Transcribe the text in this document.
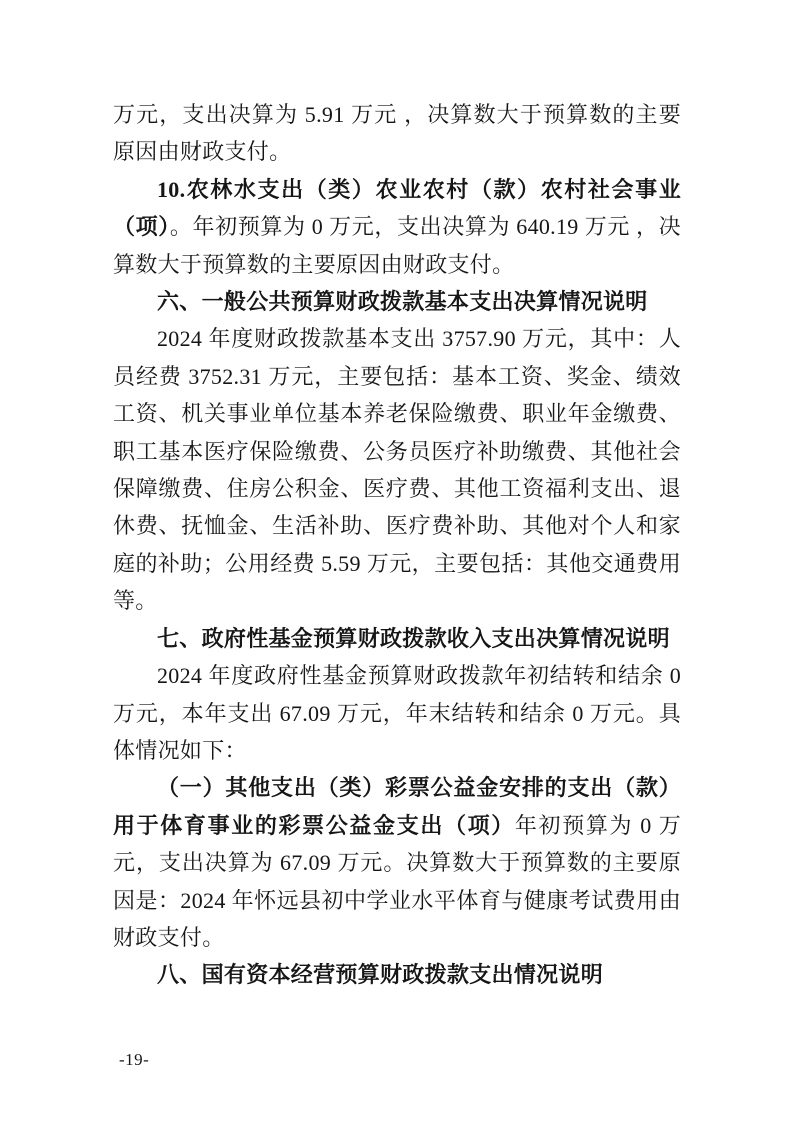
万元，支出决算为 5.91 万元 ，决算数大于预算数的主要原因由财政支付。

10.农林水支出（类）农业农村（款）农村社会事业（项）。年初预算为 0 万元，支出决算为 640.19 万元 ，决算数大于预算数的主要原因由财政支付。

六、一般公共预算财政拨款基本支出决算情况说明

2024 年度财政拨款基本支出 3757.90 万元，其中：人员经费 3752.31 万元，主要包括：基本工资、奖金、绩效工资、机关事业单位基本养老保险缴费、职业年金缴费、职工基本医疗保险缴费、公务员医疗补助缴费、其他社会保障缴费、住房公积金、医疗费、其他工资福利支出、退休费、抚恤金、生活补助、医疗费补助、其他对个人和家庭的补助；公用经费 5.59 万元，主要包括：其他交通费用等。

七、政府性基金预算财政拨款收入支出决算情况说明

2024 年度政府性基金预算财政拨款年初结转和结余 0 万元，本年支出 67.09 万元，年末结转和结余 0 万元。具体情况如下：

（一）其他支出（类）彩票公益金安排的支出（款）用于体育事业的彩票公益金支出（项）年初预算为 0 万元，支出决算为 67.09 万元。决算数大于预算数的主要原因是：2024 年怀远县初中学业水平体育与健康考试费用由财政支付。

八、国有资本经营预算财政拨款支出情况说明

-19-
